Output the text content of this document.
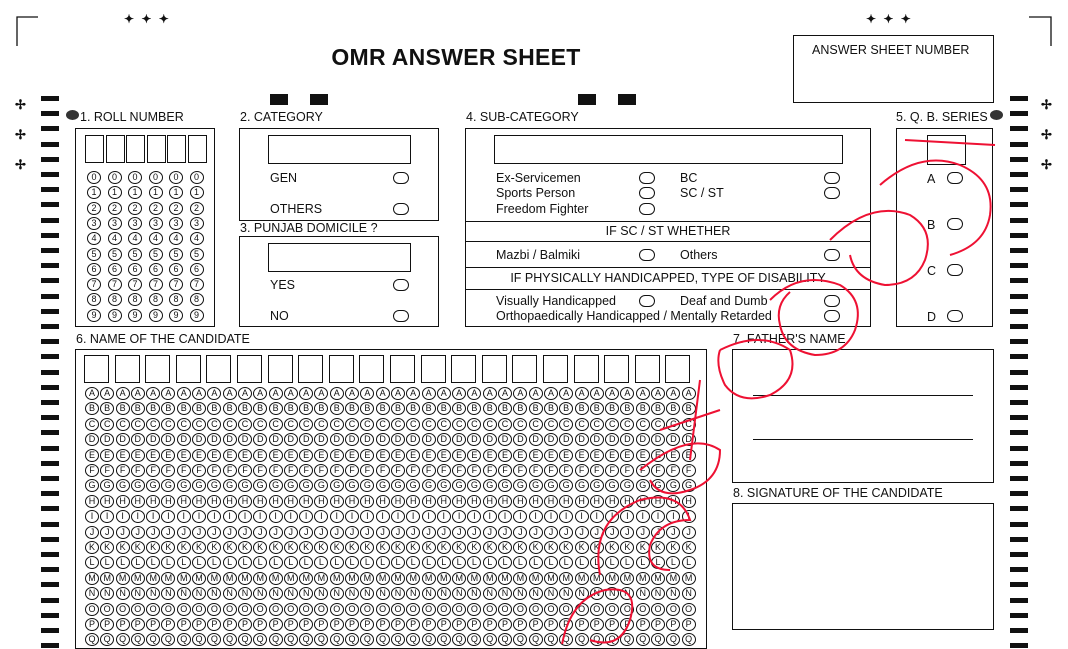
✦ ✦ ✦	✦ ✦ ✦
✢
✢
✢
✢
✢
✢
OMR ANSWER SHEET	ANSWER SHEET NUMBER
1. ROLL NUMBER
0	0	0	0	0	0
1	1	1	1	1	1
2	2	2	2	2	2
3	3	3	3	3	3
4	4	4	4	4	4
5	5	5	5	5	5
6	6	6	6	6	6
7	7	7	7	7	7
8	8	8	8	8	8
9	9	9	9	9	9
2. CATEGORY
GEN
OTHERS
3. PUNJAB DOMICILE ?
YES
NO
4. SUB-CATEGORY
Ex-Servicemen
Sports Person
Freedom Fighter
BC
SC / ST
IF SC / ST WHETHER
Mazbi / Balmiki	Others
IF PHYSICALLY HANDICAPPED, TYPE OF DISABILITY
Visually Handicapped	Deaf and Dumb
Orthopaedically Handicapped / Mentally Retarded
5. Q. B. SERIES
A
B
C
D
6. NAME OF THE CANDIDATE
A	A	A	A	A	A	A	A	A	A	A	A	A	A	A	A	A	A	A	A	A	A	A	A	A	A	A	A	A	A	A	A	A	A	A	A	A	A	A	A
B	B	B	B	B	B	B	B	B	B	B	B	B	B	B	B	B	B	B	B	B	B	B	B	B	B	B	B	B	B	B	B	B	B	B	B	B	B	B	B
C C C C C C C C C C C C C C C C C C C C C C C C C C C C C C C C C C C C C C C C
D D D D D D D D D D D D D D D D D D D D D D D D D D D D D D D D D D D D D D D D
E	E	E	E	E	E	E	E	E	E	E	E	E	E	E	E	E	E	E	E	E	E	E	E	E	E	E	E	E	E	E	E	E	E	E	E	E	E	E	E
F	F	F	F	F	F	F	F	F	F	F	F	F	F	F	F	F	F	F	F	F	F	F	F	F	F	F	F	F	F	F	F	F	F	F	F	F	F	F	F
G G G G G G G G G G G G G G G G G G G G G G G G G G G G G G G G G G G G G G G G
H H H H H H H H H H H H H H H H H H H H H H H H H H H H H H H H H H H H H H H H
I	I	I	I	I	I	I	I	I	I	I	I	I	I	I	I	I	I	I	I	I	I	I	I	I	I	I	I	I	I	I	I	I	I	I	I	I	I	I	I
J	J	J	J	J	J	J	J	J	J	J	J	J	J	J	J	J	J	J	J	J	J	J	J	J	J	J	J	J	J	J	J	J	J	J	J	J	J	J	J
K	K	K	K	K	K	K	K	K	K	K	K	K	K	K	K	K	K	K	K	K	K	K	K	K	K	K	K	K	K	K	K	K	K	K	K	K	K	K	K
L	L	L	L	L	L	L	L	L	L	L	L	L	L	L	L	L	L	L	L	L	L	L	L	L	L	L	L	L	L	L	L	L	L	L	L	L	L	L	L
M M M M M M M M M M M M M M M M M M M M M M M M M M M M M M M M M M M M M M M M
N N N N N N N N N N N N N N N N N N N N N N N N N N N N N N N N N N N N N N N N
O O O O O O O O O O O O O O O O O O O O O O O O O O O O O O O O O O O O O O O O
P	P	P	P	P	P	P	P	P	P	P	P	P	P	P	P	P	P	P	P	P	P	P	P	P	P	P	P	P	P	P	P	P	P	P	P	P	P	P	P
Q Q Q Q Q Q Q Q Q Q Q Q Q Q Q Q Q Q Q Q Q Q Q Q Q Q Q Q Q Q Q Q Q Q Q Q Q Q Q Q
7. FATHER'S NAME
8. SIGNATURE OF THE CANDIDATE
